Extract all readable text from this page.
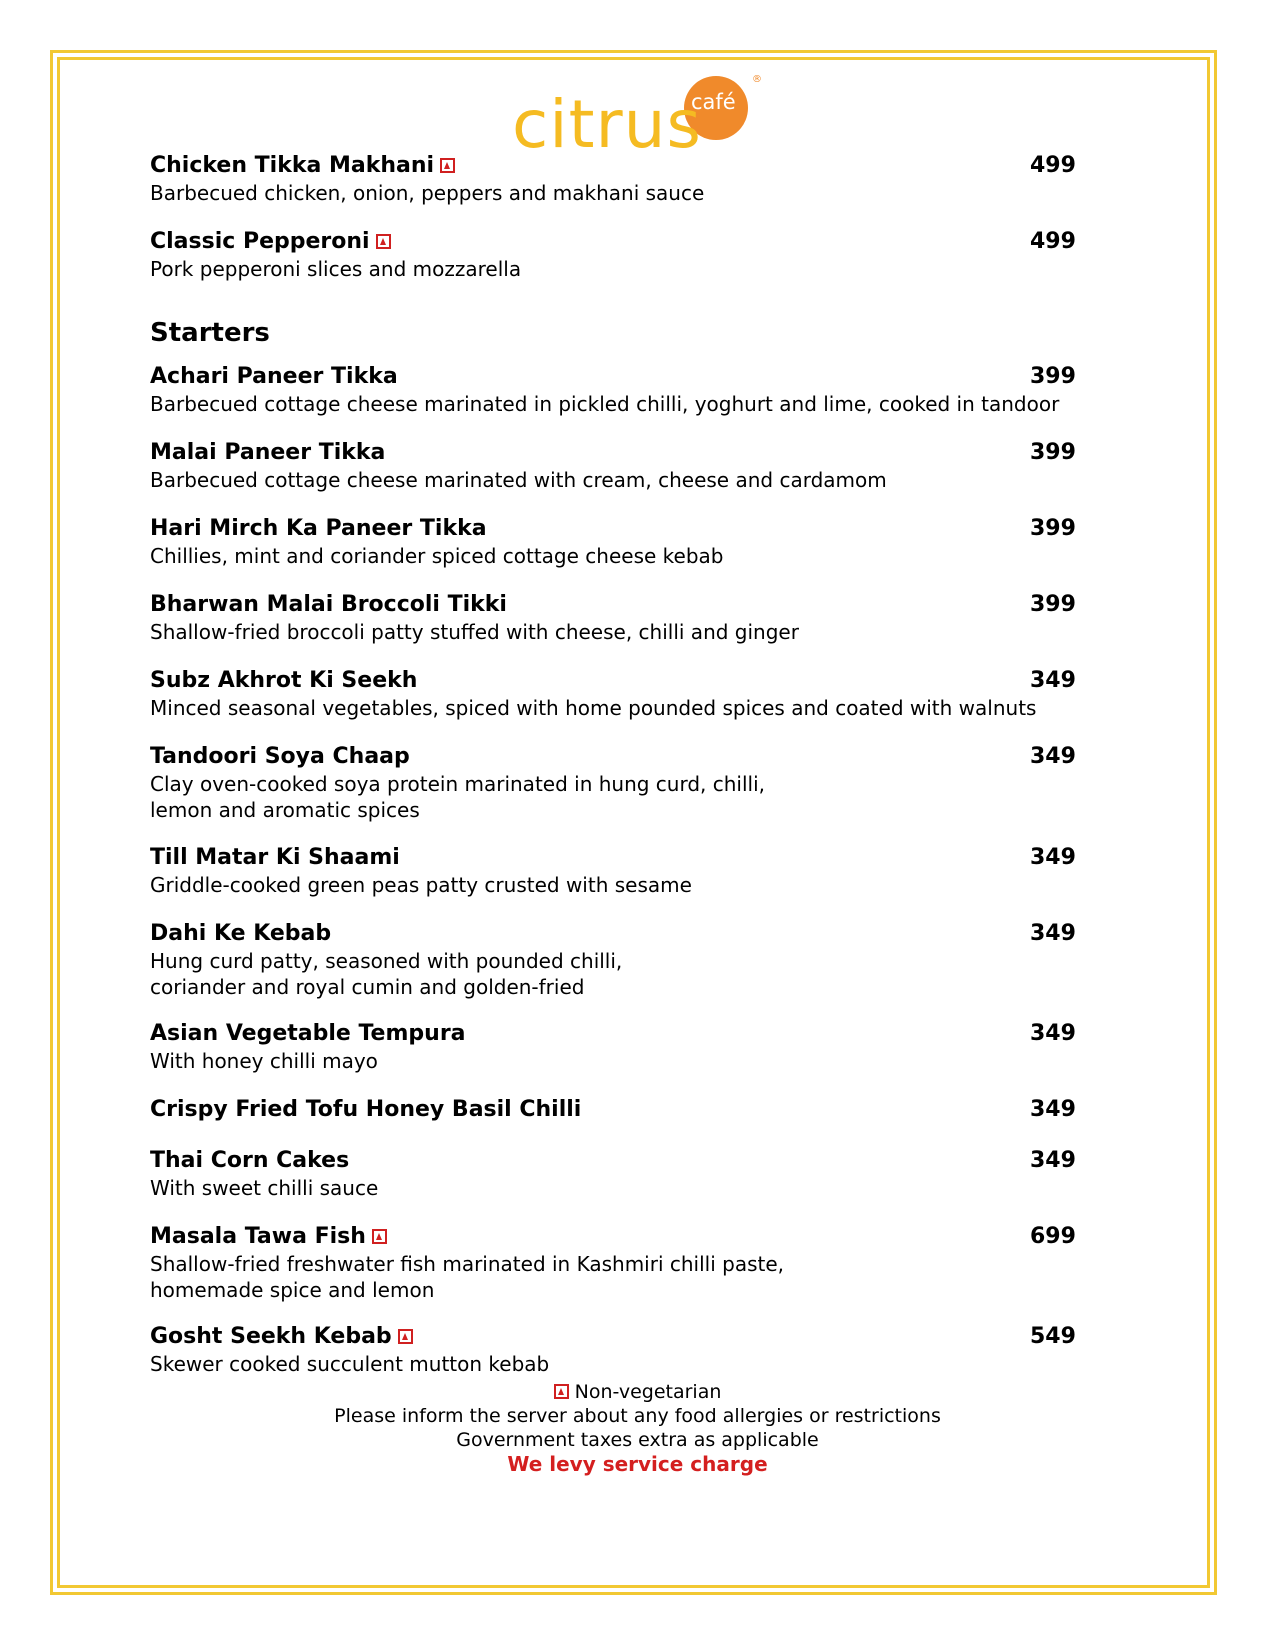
citrus
café
®
Chicken Tikka Makhani
Barbecued chicken, onion, peppers and makhani sauce
499
Classic Pepperoni
Pork pepperoni slices and mozzarella
499
Starters
Achari Paneer Tikka
Barbecued cottage cheese marinated in pickled chilli, yoghurt and lime, cooked in tandoor
399
Malai Paneer Tikka
Barbecued cottage cheese marinated with cream, cheese and cardamom
399
Hari Mirch Ka Paneer Tikka
Chillies, mint and coriander spiced cottage cheese kebab
399
Bharwan Malai Broccoli Tikki
Shallow-fried broccoli patty stuffed with cheese, chilli and ginger
399
Subz Akhrot Ki Seekh
Minced seasonal vegetables, spiced with home pounded spices and coated with walnuts
349
Tandoori Soya Chaap
Clay oven-cooked soya protein marinated in hung curd, chilli,
lemon and aromatic spices
349
Till Matar Ki Shaami
Griddle-cooked green peas patty crusted with sesame
349
Dahi Ke Kebab
Hung curd patty, seasoned with pounded chilli,
coriander and royal cumin and golden-fried
349
Asian Vegetable Tempura
With honey chilli mayo
349
Crispy Fried Tofu Honey Basil Chilli	349
Thai Corn Cakes
With sweet chilli sauce
349
Masala Tawa Fish
Shallow-fried freshwater fish marinated in Kashmiri chilli paste,
homemade spice and lemon
699
Gosht Seekh Kebab
Skewer cooked succulent mutton kebab
549
Non-vegetarian
Please inform the server about any food allergies or restrictions
Government taxes extra as applicable
We levy service charge
